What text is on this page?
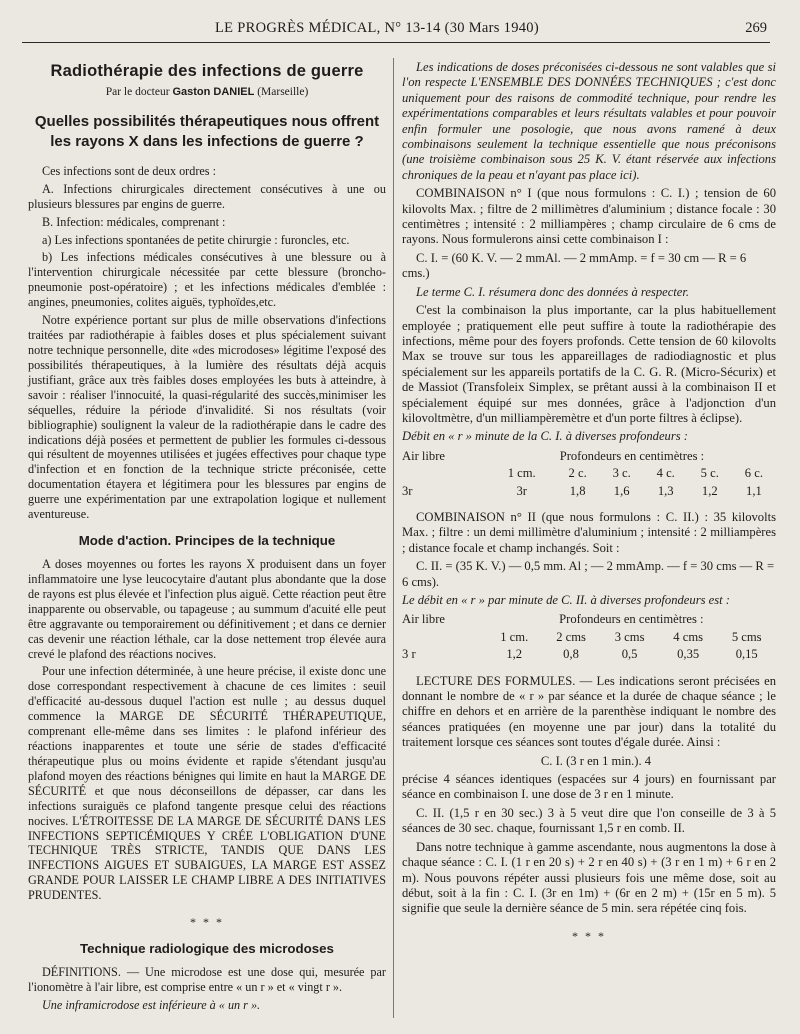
LE PROGRÈS MÉDICAL, N° 13-14 (30 Mars 1940)	269

Radiothérapie des infections de guerre

Par le docteur Gaston DANIEL (Marseille)

Quelles possibilités thérapeutiques nous offrent les rayons X dans les infections de guerre ?

Ces infections sont de deux ordres :

A. Infections chirurgicales directement consécutives à une ou plusieurs blessures par engins de guerre.

B. Infection: médicales, comprenant :

a) Les infections spontanées de petite chirurgie : furoncles, etc.

b) Les infections médicales consécutives à une blessure ou à l'intervention chirurgicale nécessitée par cette blessure (broncho-pneumonie post-opératoire) ; et les infections médicales d'emblée : angines, pneumonies, colites aiguës, typhoïdes,etc.

Notre expérience portant sur plus de mille observations d'infections traitées par radiothérapie à faibles doses et plus spécialement suivant notre technique personnelle, dite «des microdoses» légitime l'exposé des possibilités thérapeutiques, à la lumière des résultats déjà acquis justifiant, grâce aux très faibles doses employées les buts à atteindre, à savoir : réaliser l'innocuité, la quasi-régularité des succès,minimiser les séquelles, réduire la période d'invalidité. Si nos résultats (voir bibliographie) soulignent la valeur de la radiothérapie dans le cadre des indications déjà posées et permettent de publier les formules ci-dessous qui résultent de moyennes utilisées et jugées effectives pour chaque type d'infection et en fonction de la technique stricte préconisée, cette documentation étayera et légitimera pour les blessures par engins de guerre une expérimentation par une extrapolation logique et nullement aventureuse.

Mode d'action. Principes de la technique

A doses moyennes ou fortes les rayons X produisent dans un foyer inflammatoire une lyse leucocytaire d'autant plus abondante que la dose de rayons est plus élevée et l'infection plus aiguë. Cette réaction peut être inapparente ou observable, ou tapageuse ; au summum d'acuité elle peut être aggravante ou temporairement ou définitivement ; et dans ce dernier cas devenir une réaction léthale, car la dose nettement trop élevée aura crevé le plafond des réactions nocives.

Pour une infection déterminée, à une heure précise, il existe donc une dose correspondant respectivement à chacune de ces limites : seuil d'efficacité au-dessous duquel l'action est nulle ; au dessus duquel commence la MARGE DE SÉCURITÉ THÉRAPEUTIQUE, comprenant elle-même dans ses limites : le plafond inférieur des réactions inapparentes et toute une série de stades d'efficacité thérapeutique plus ou moins évidente et rapide s'étendant jusqu'au plafond moyen des réactions bénignes qui limite en haut la MARGE DE SÉCURITÉ et que nous déconseillons de dépasser, car dans les infections suraiguës ce plafond tangente presque celui des réactions nocives. L'ÉTROITESSE DE LA MARGE DE SÉCURITÉ DANS LES INFECTIONS SEPTICÉMIQUES Y CRÉE L'OBLIGATION D'UNE TECHNIQUE TRÈS STRICTE, TANDIS QUE DANS LES INFECTIONS AIGUES ET SUBAIGUES, LA MARGE EST ASSEZ GRANDE POUR LAISSER LE CHAMP LIBRE A DES INITIATIVES PRUDENTES.

* * *

Technique radiologique des microdoses

DÉFINITIONS. — Une microdose est une dose qui, mesurée par l'ionomètre à l'air libre, est comprise entre « un r » et « vingt r ».

Une inframicrodose est inférieure à « un r ».

Les indications de doses préconisées ci-dessous ne sont valables que si l'on respecte L'ENSEMBLE DES DONNÉES TECHNIQUES ; c'est donc uniquement pour des raisons de commodité technique, pour rendre les expérimentations comparables et leurs résultats valables et pour pouvoir enfin formuler une posologie, que nous avons ramené à deux combinaisons seulement la technique essentielle que nous préconisons (une troisième combinaison sous 25 K. V. étant réservée aux infections chroniques de la peau et n'ayant pas place ici).

COMBINAISON n° I (que nous formulons : C. I.) ; tension de 60 kilovolts Max. ; filtre de 2 millimètres d'aluminium ; distance focale : 30 centimètres ; intensité : 2 milliampères ; champ circulaire de 6 cms de rayons. Nous formulerons ainsi cette combinaison I :

C. I. = (60 K. V. — 2 mmAl. — 2 mmAmp. = f = 30 cm — R = 6 cms.)

Le terme C. I. résumera donc des données à respecter.

C'est la combinaison la plus importante, car la plus habituellement employée ; pratiquement elle peut suffire à toute la radiothérapie des infections, même pour des foyers profonds. Cette tension de 60 kilovolts Max se trouve sur tous les appareillages de radiodiagnostic et plus spécialement sur les appareils portatifs de la C. G. R. (Micro-Sécurix) et de Massiot (Transfoleix Simplex, se prêtant aussi à la combinaison II et spécialement équipé sur mes données, grâce à l'adjonction d'un kilovoltmètre, d'un milliampèremètre et d'un porte filtres à éclipse).

Débit en « r » minute de la C. I. à diverses profondeurs :

Air libre	Profondeurs en centimètres :					
	1 cm.	2 c.	3 c.	4 c.	5 c.	6 c.
3r	3r	1,8	1,6	1,3	1,2	1,1

COMBINAISON n° II (que nous formulons : C. II.) : 35 kilovolts Max. ; filtre : un demi millimètre d'aluminium ; intensité : 2 milliampères ; distance focale et champ inchangés. Soit :

C. II. = (35 K. V.) — 0,5 mm. Al ; — 2 mmAmp. — f = 30 cms — R = 6 cms).

Le débit en « r » par minute de C. II. à diverses profondeurs est :

Air libre	Profondeurs en centimètres :				
	1 cm.	2 cms	3 cms	4 cms	5 cms
3 r	1,2	0,8	0,5	0,35	0,15

LECTURE DES FORMULES. — Les indications seront précisées en donnant le nombre de « r » par séance et la durée de chaque séance ; le chiffre en dehors et en arrière de la parenthèse indiquant le nombre des séances pratiquées (en moyenne une par jour) dans la totalité du traitement lorsque ces séances sont toutes d'égale durée. Ainsi :

C. I. (3 r en 1 min.). 4

précise 4 séances identiques (espacées sur 4 jours) en fournissant par séance en combinaison I. une dose de 3 r en 1 minute.

C. II. (1,5 r en 30 sec.) 3 à 5 veut dire que l'on conseille de 3 à 5 séances de 30 sec. chaque, fournissant 1,5 r en comb. II.

Dans notre technique à gamme ascendante, nous augmentons la dose à chaque séance : C. I. (1 r en 20 s) + 2 r en 40 s) + (3 r en 1 m) + 6 r en 2 m). Nous pouvons répéter aussi plusieurs fois une même dose, soit au début, soit à la fin : C. I. (3r en 1m) + (6r en 2 m) + (15r en 5 m). 5 signifie que seule la dernière séance de 5 min. sera répétée cinq fois.

* * *
